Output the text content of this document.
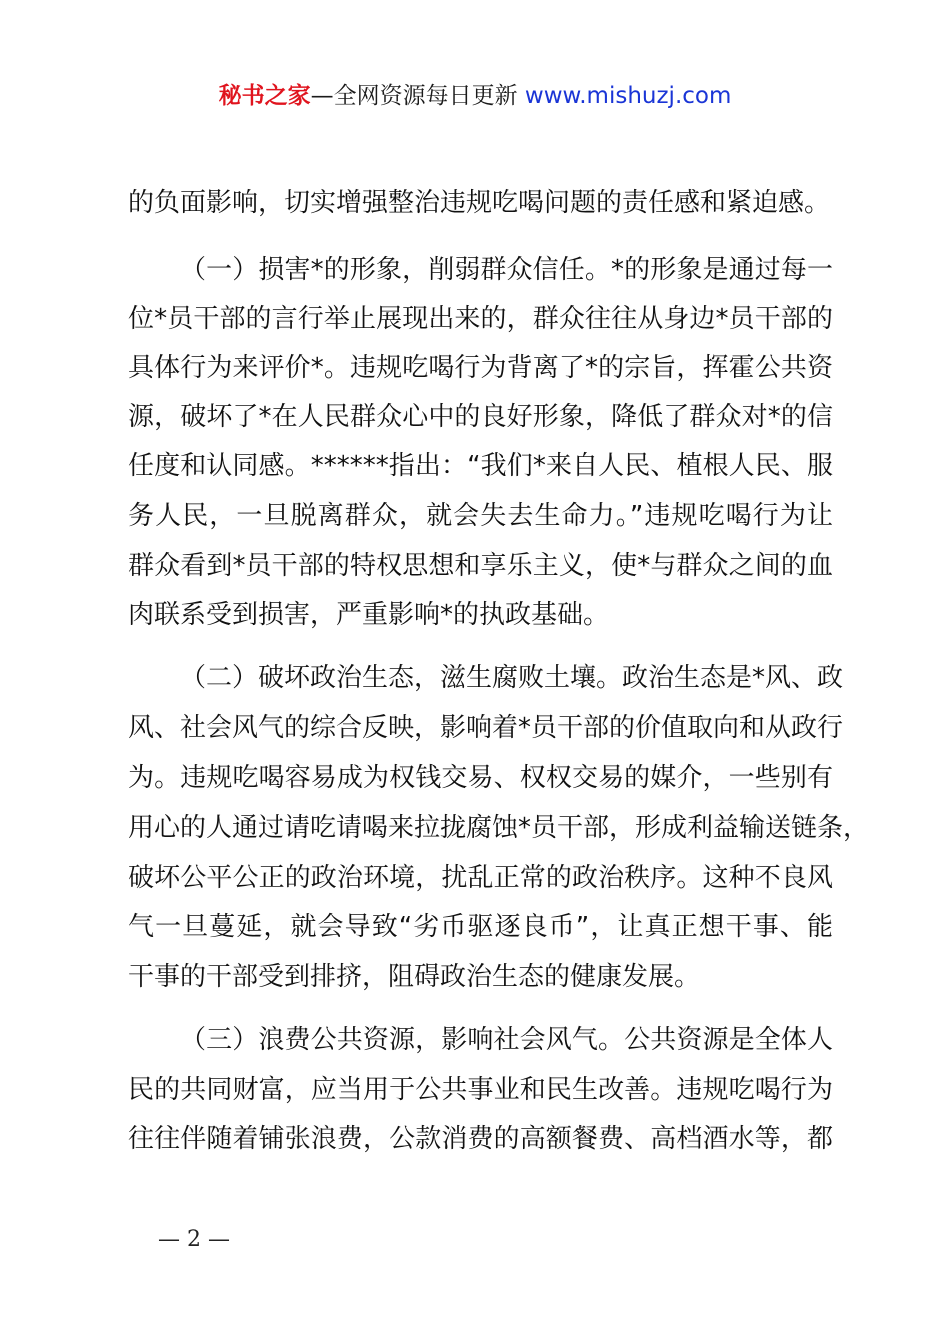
秘书之家—全网资源每日更新 www.mishuzj.com
的负面影响，切实增强整治违规吃喝问题的责任感和紧迫感。
（一）损害*的形象，削弱群众信任。*的形象是通过每一
位*员干部的言行举止展现出来的，群众往往从身边*员干部的
具体行为来评价*。违规吃喝行为背离了*的宗旨，挥霍公共资
源，破坏了*在人民群众心中的良好形象，降低了群众对*的信
任度和认同感。******指出：“我们*来自人民、植根人民、服
务人民，一旦脱离群众，就会失去生命力。”违规吃喝行为让
群众看到*员干部的特权思想和享乐主义，使*与群众之间的血
肉联系受到损害，严重影响*的执政基础。
（二）破坏政治生态，滋生腐败土壤。政治生态是*风、政
风、社会风气的综合反映，影响着*员干部的价值取向和从政行
为。违规吃喝容易成为权钱交易、权权交易的媒介，一些别有
用心的人通过请吃请喝来拉拢腐蚀*员干部，形成利益输送链条，
破坏公平公正的政治环境，扰乱正常的政治秩序。这种不良风
气一旦蔓延，就会导致“劣币驱逐良币”，让真正想干事、能
干事的干部受到排挤，阻碍政治生态的健康发展。
（三）浪费公共资源，影响社会风气。公共资源是全体人
民的共同财富，应当用于公共事业和民生改善。违规吃喝行为
往往伴随着铺张浪费，公款消费的高额餐费、高档酒水等，都
— 2 —
